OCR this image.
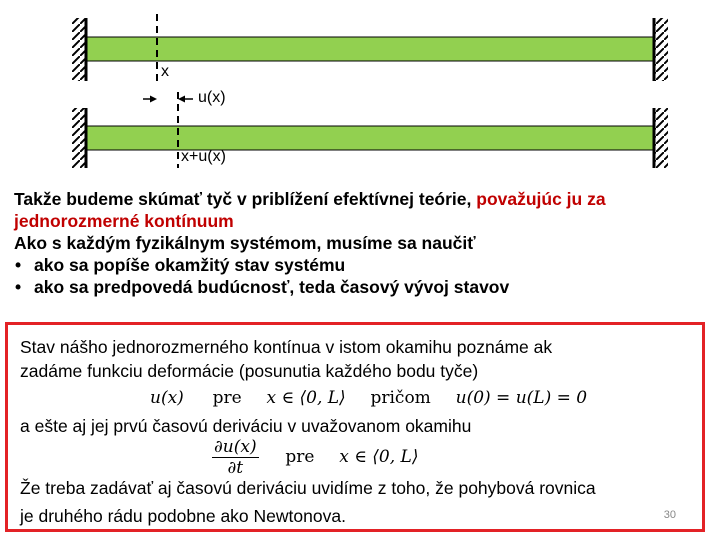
x
u(x)
x+u(x)
Takže budeme skúmať tyč v priblížení efektívnej teórie, považujúc ju za jednorozmerné kontínuum
Ako s každým fyzikálnym systémom, musíme sa naučiť
• ako sa popíše okamžitý stav systému
• ako sa predpovedá budúcnosť, teda časový vývoj stavov
Stav nášho jednorozmerného kontínua v istom okamihu poznáme ak
zadáme funkciu deformácie (posunutia každého bodu tyče)
u(x) pre x ∈ ⟨0, L⟩ pričom u(0) = u(L) = 0
a ešte aj jej prvú časovú deriváciu v uvažovanom okamihu
$\frac{\partial u(x)}{\partial t}$ pre x ∈ ⟨0, L⟩
Že treba zadávať aj časovú deriváciu uvidíme z toho, že pohybová rovnica
je druhého rádu podobne ako Newtonova.	30
